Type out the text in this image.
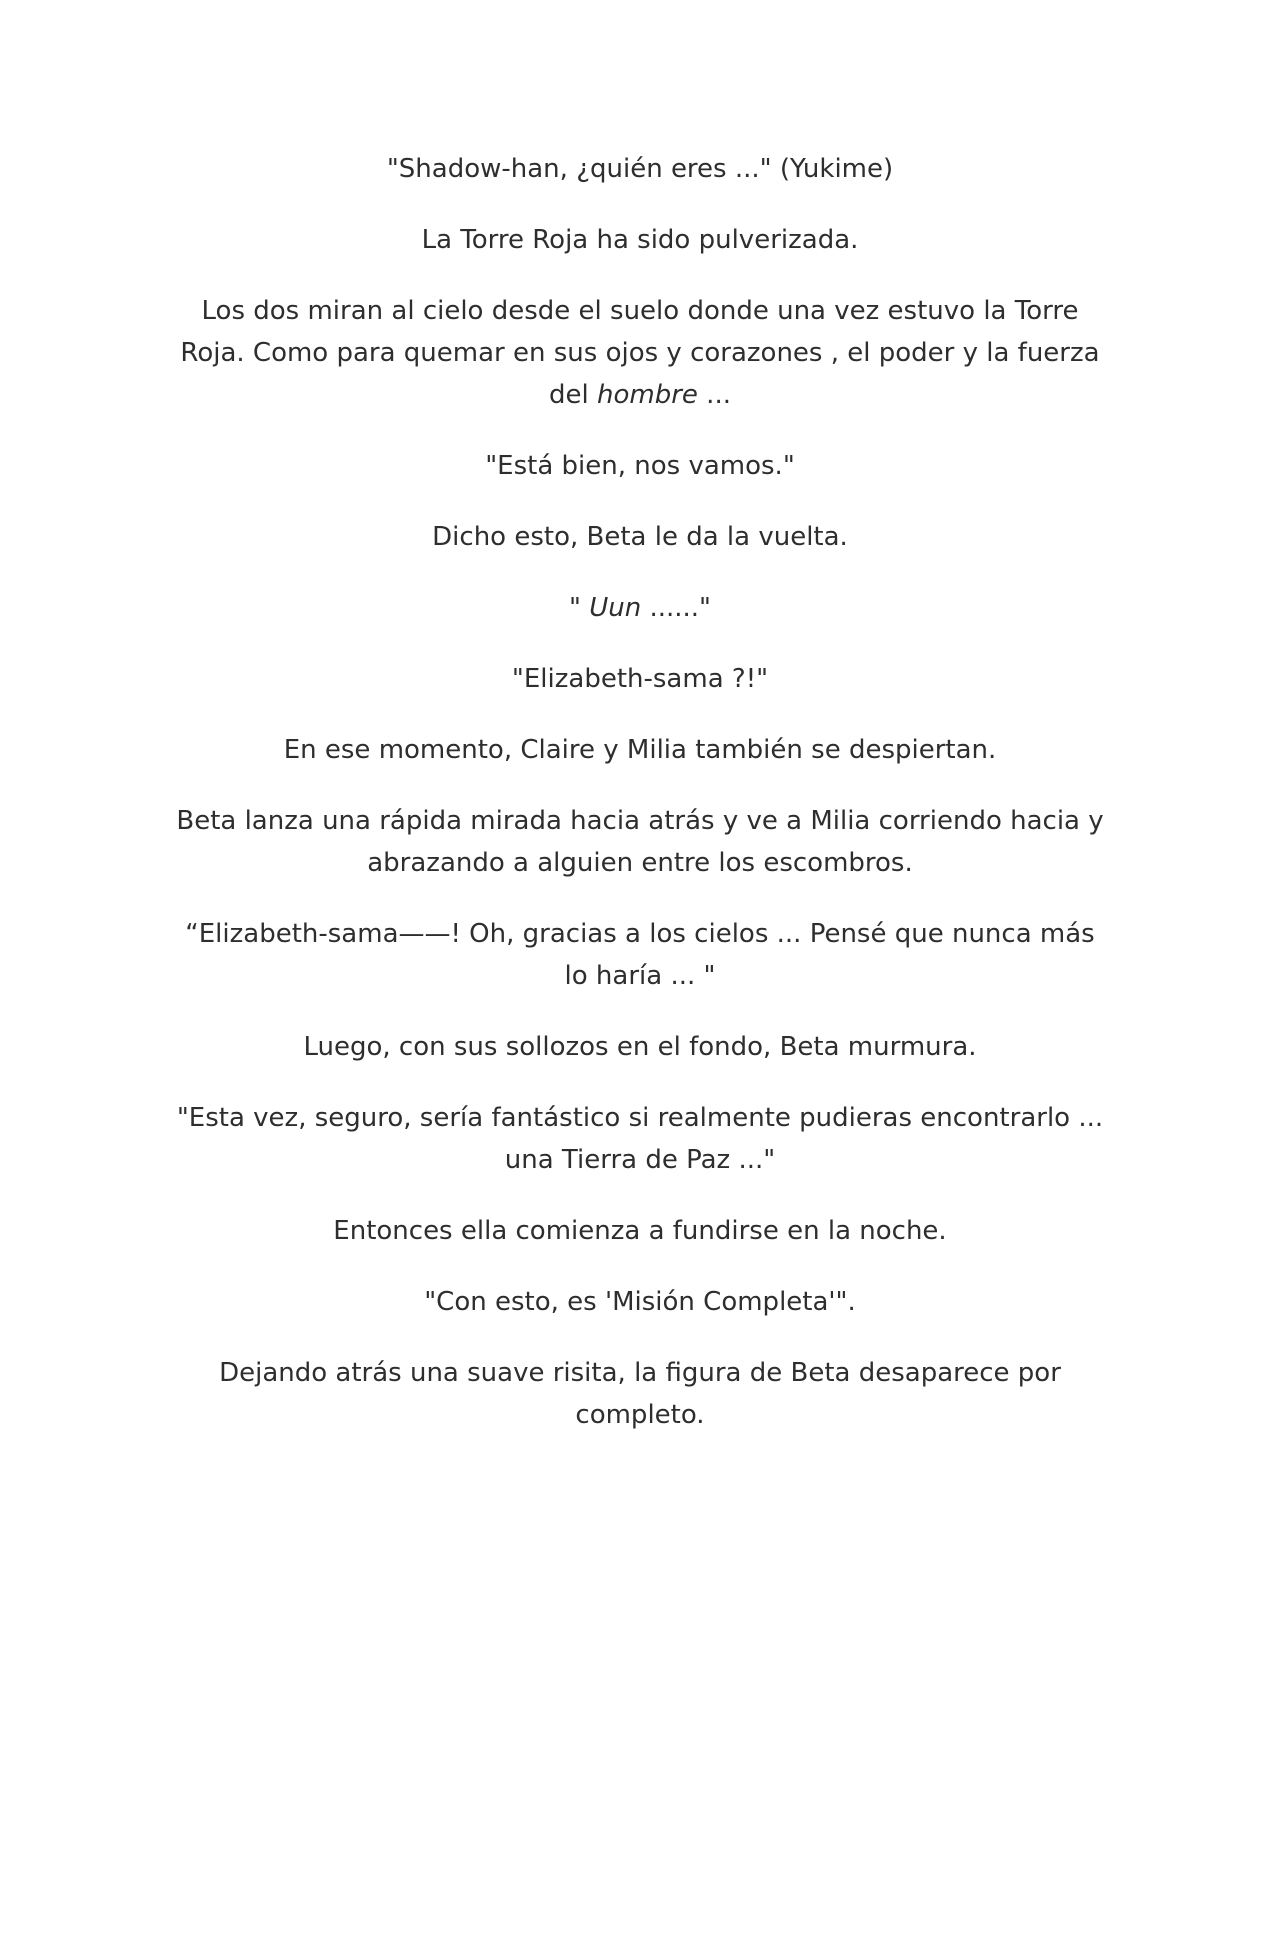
"Shadow-han, ¿quién eres ..." (Yukime)

La Torre Roja ha sido pulverizada.

Los dos miran al cielo desde el suelo donde una vez estuvo la Torre Roja. Como para quemar en sus ojos y corazones , el poder y la fuerza del hombre ...

"Está bien, nos vamos."

Dicho esto, Beta le da la vuelta.

" Uun ......"

"Elizabeth-sama ?!"

En ese momento, Claire y Milia también se despiertan.

Beta lanza una rápida mirada hacia atrás y ve a Milia corriendo hacia y abrazando a alguien entre los escombros.

“Elizabeth-sama——! Oh, gracias a los cielos ... Pensé que nunca más lo haría ... "

Luego, con sus sollozos en el fondo, Beta murmura.

"Esta vez, seguro, sería fantástico si realmente pudieras encontrarlo ... una Tierra de Paz ..."

Entonces ella comienza a fundirse en la noche.

"Con esto, es 'Misión Completa'".

Dejando atrás una suave risita, la figura de Beta desaparece por completo.
